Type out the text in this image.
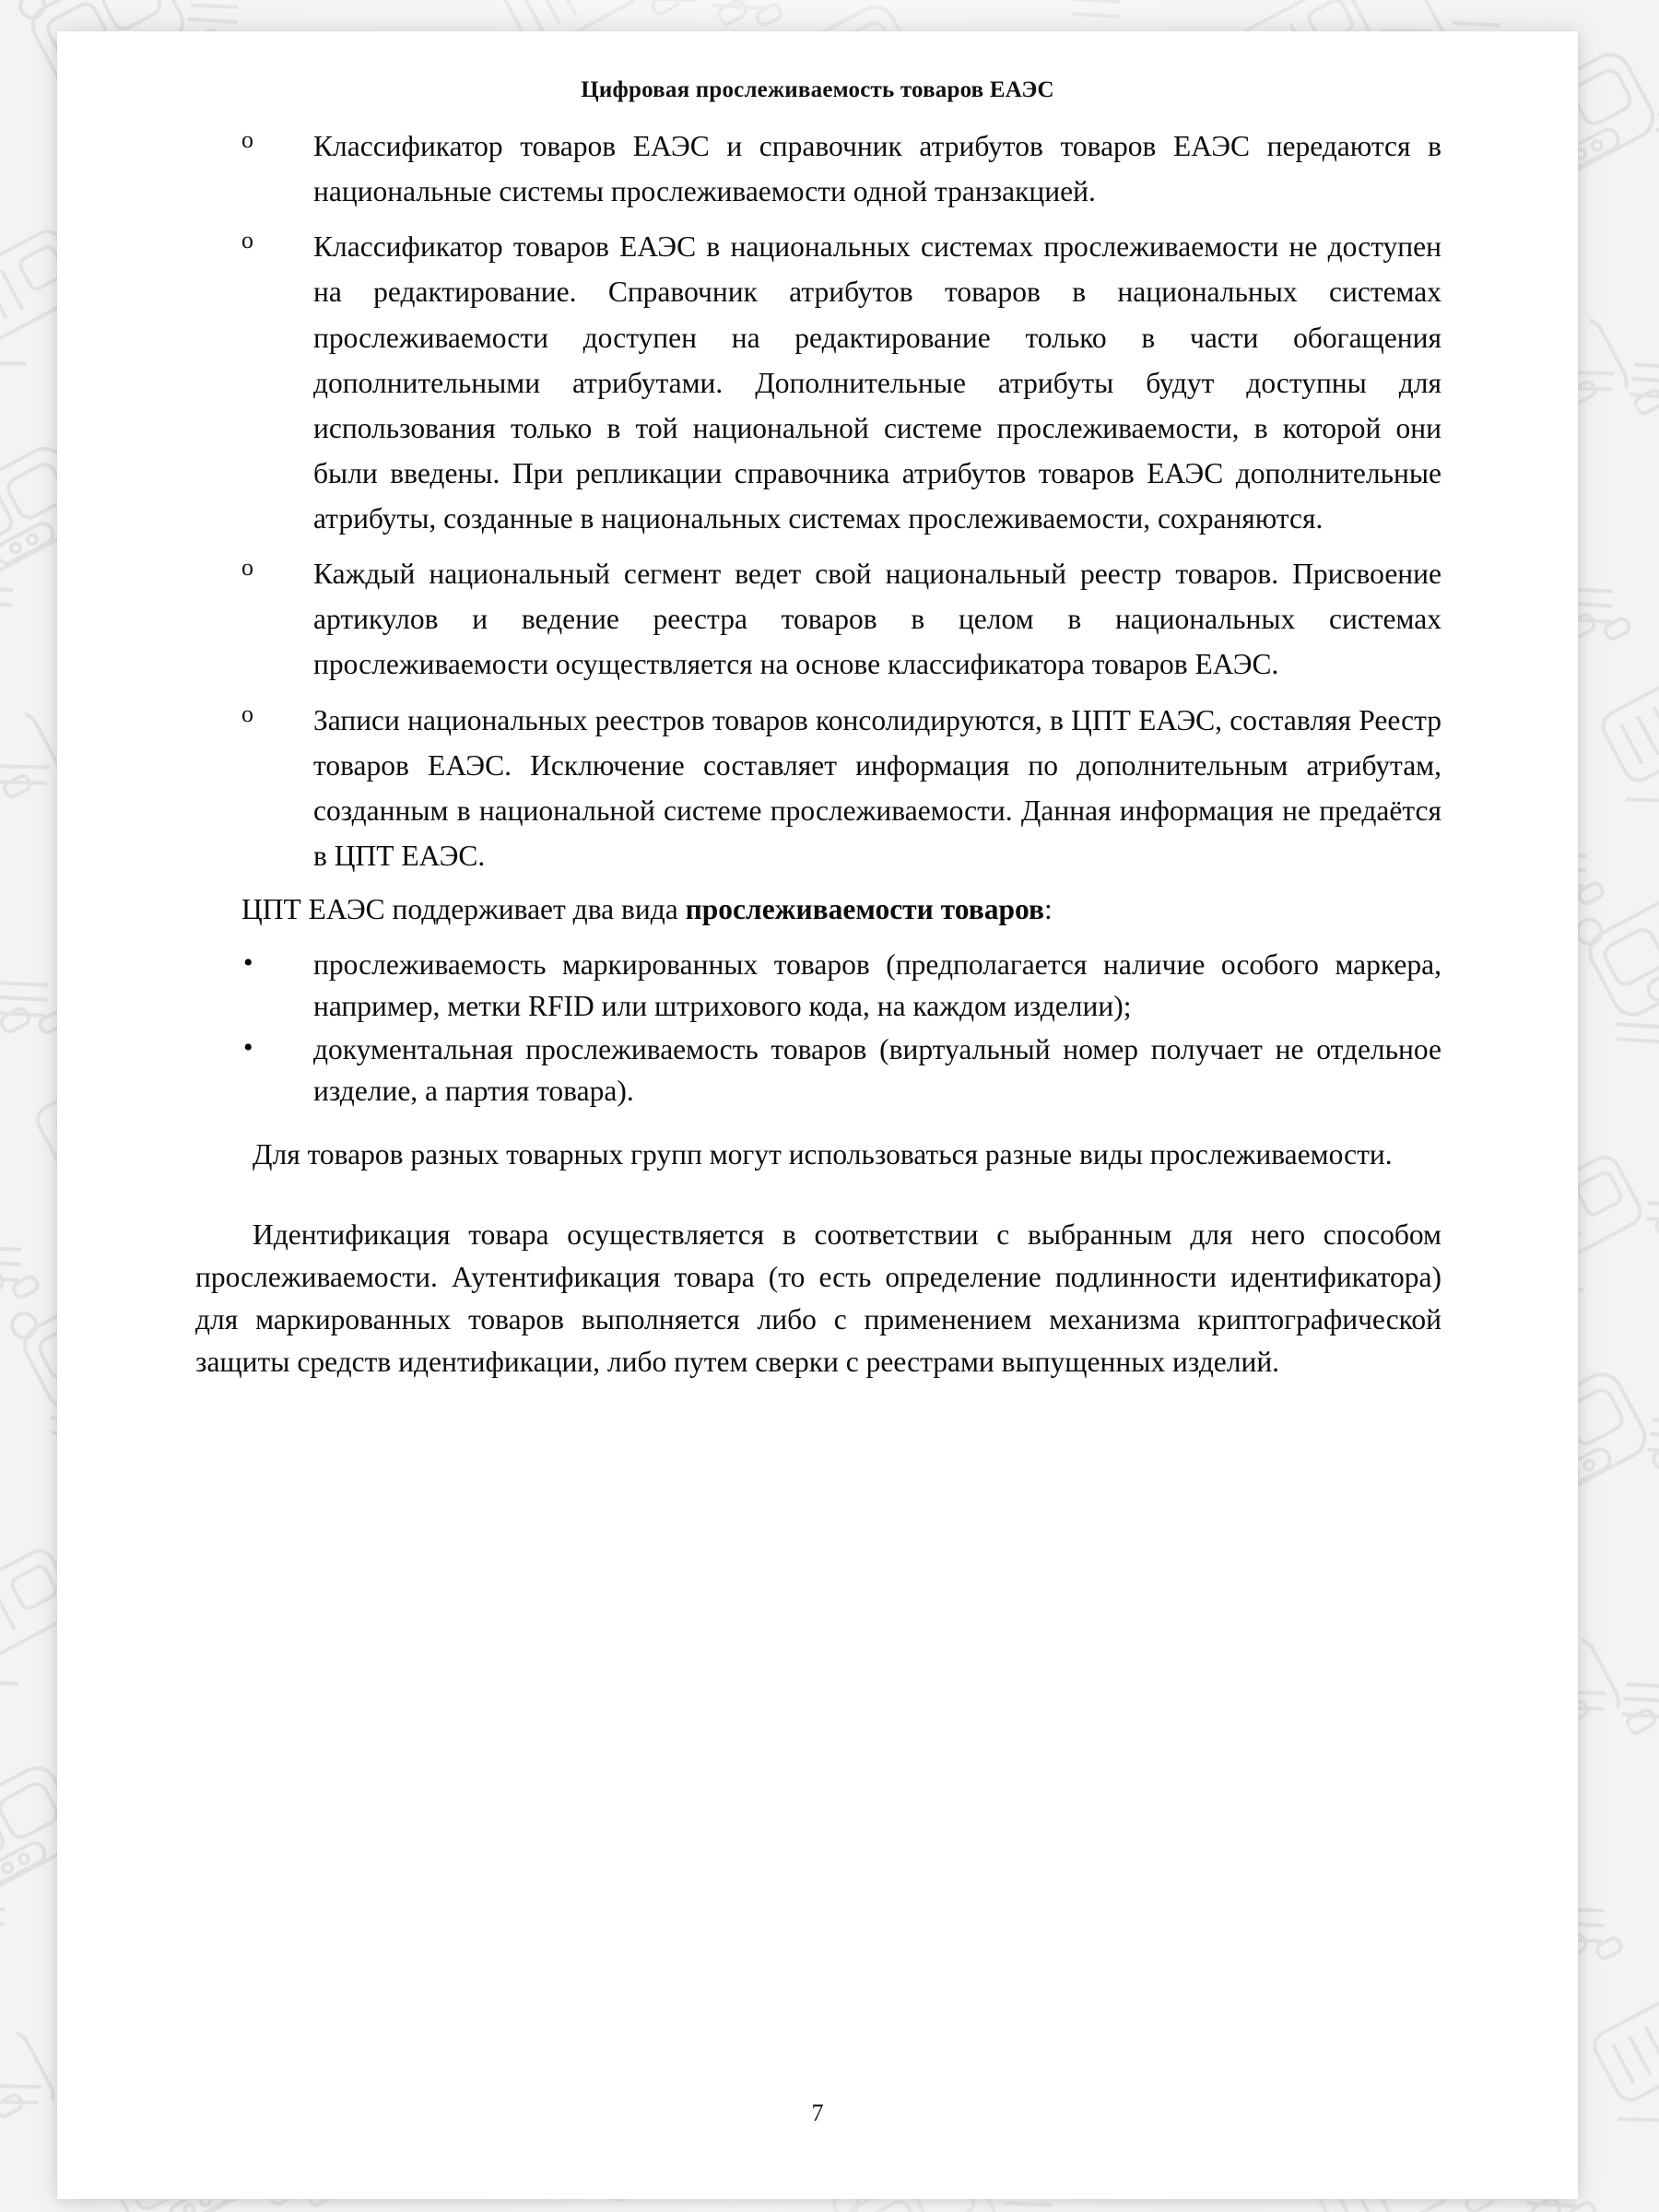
Цифровая прослеживаемость товаров ЕАЭС
o Классификатор товаров ЕАЭС и справочник атрибутов товаров ЕАЭС передаются в национальные системы прослеживаемости одной транзакцией.
o Классификатор товаров ЕАЭС в национальных системах прослеживаемости не доступен на редактирование. Справочник атрибутов товаров в национальных системах прослеживаемости доступен на редактирование только в части обогащения дополнительными атрибутами. Дополнительные атрибуты будут доступны для использования только в той национальной системе прослеживаемости, в которой они были введены. При репликации справочника атрибутов товаров ЕАЭС дополнительные атрибуты, созданные в национальных системах прослеживаемости, сохраняются.
o Каждый национальный сегмент ведет свой национальный реестр товаров. Присвоение артикулов и ведение реестра товаров в целом в национальных системах прослеживаемости осуществляется на основе классификатора товаров ЕАЭС.
o Записи национальных реестров товаров консолидируются, в ЦПТ ЕАЭС, составляя Реестр товаров ЕАЭС. Исключение составляет информация по дополнительным атрибутам, созданным в национальной системе прослеживаемости. Данная информация не предаётся в ЦПТ ЕАЭС.

ЦПТ ЕАЭС поддерживает два вида прослеживаемости товаров:

• прослеживаемость маркированных товаров (предполагается наличие особого маркера, например, метки RFID или штрихового кода, на каждом изделии);
• документальная прослеживаемость товаров (виртуальный номер получает не отдельное изделие, а партия товара).

Для товаров разных товарных групп могут использоваться разные виды прослеживаемости.

Идентификация товара осуществляется в соответствии с выбранным для него способом прослеживаемости. Аутентификация товара (то есть определение подлинности идентификатора) для маркированных товаров выполняется либо с применением механизма криптографической защиты средств идентификации, либо путем сверки с реестрами выпущенных изделий.

7
